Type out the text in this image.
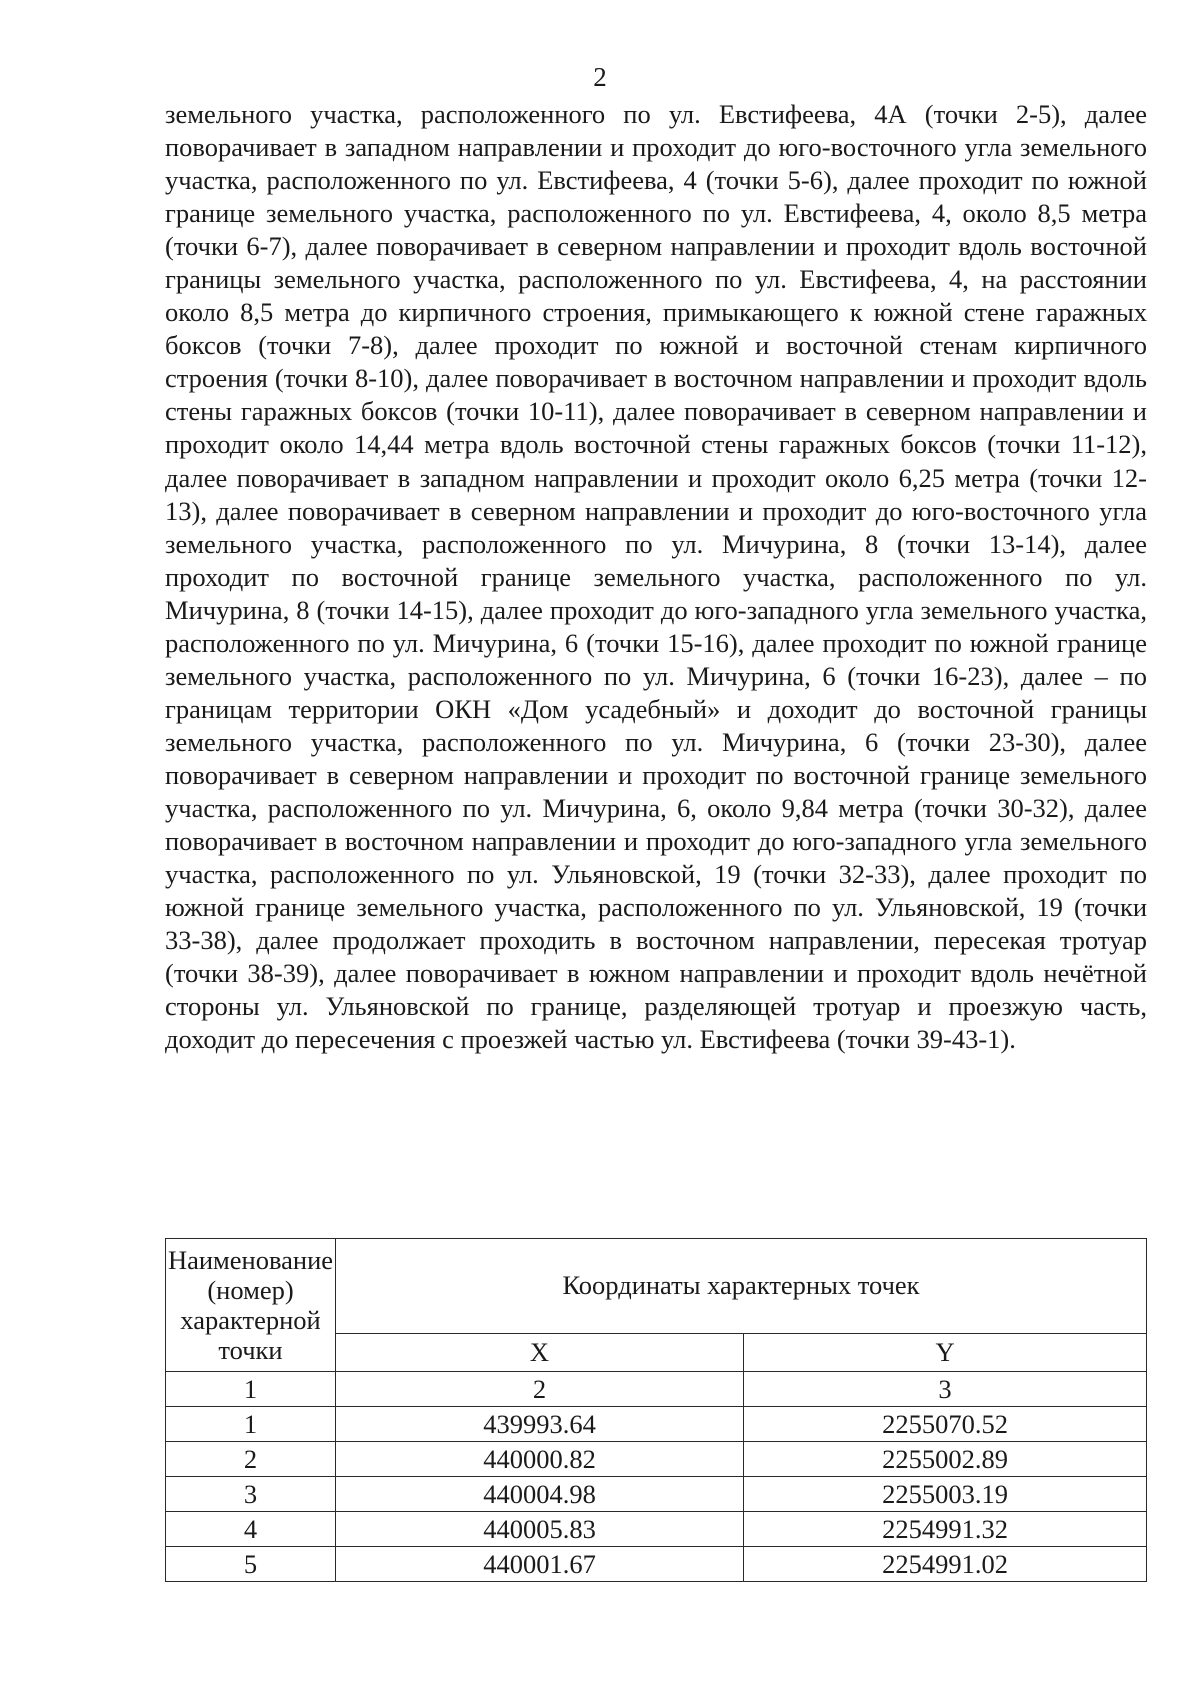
2

земельного участка, расположенного по ул. Евстифеева, 4А (точки 2-5), далее поворачивает в западном направлении и проходит до юго-восточного угла земельного участка, расположенного по ул. Евстифеева, 4 (точки 5-6), далее проходит по южной границе земельного участка, расположенного по ул. Евстифеева, 4, около 8,5 метра (точки 6-7), далее поворачивает в северном направлении и проходит вдоль восточной границы земельного участка, расположенного по ул. Евстифеева, 4, на расстоянии около 8,5 метра до кирпичного строения, примыкающего к южной стене гаражных боксов (точки 7-8), далее проходит по южной и восточной стенам кирпичного строения (точки 8-10), далее поворачивает в восточном направлении и проходит вдоль стены гаражных боксов (точки 10-11), далее поворачивает в северном направлении и проходит около 14,44 метра вдоль восточной стены гаражных боксов (точки 11-12), далее поворачивает в западном направлении и проходит около 6,25 метра (точки 12-13), далее поворачивает в северном направлении и проходит до юго-восточного угла земельного участка, расположенного по ул. Мичурина, 8 (точки 13-14), далее проходит по восточной границе земельного участка, расположенного по ул. Мичурина, 8 (точки 14-15), далее проходит до юго-западного угла земельного участка, расположенного по ул. Мичурина, 6 (точки 15-16), далее проходит по южной границе земельного участка, расположенного по ул. Мичурина, 6 (точки 16-23), далее – по границам территории ОКН «Дом усадебный» и доходит до восточной границы земельного участка, расположенного по ул. Мичурина, 6 (точки 23-30), далее поворачивает в северном направлении и проходит по восточной границе земельного участка, расположенного по ул. Мичурина, 6, около 9,84 метра (точки 30-32), далее поворачивает в восточном направлении и проходит до юго-западного угла земельного участка, расположенного по ул. Ульяновской, 19 (точки 32-33), далее проходит по южной границе земельного участка, расположенного по ул. Ульяновской, 19 (точки 33-38), далее продолжает проходить в восточном направлении, пересекая тротуар (точки 38-39), далее поворачивает в южном направлении и проходит вдоль нечётной стороны ул. Ульяновской по границе, разделяющей тротуар и проезжую часть, доходит до пересечения с проезжей частью ул. Евстифеева (точки 39-43-1).

Наименование
(номер)
характерной
точки	Координаты характерных точек	
	X	Y
1	2	3
1	439993.64	2255070.52
2	440000.82	2255002.89
3	440004.98	2255003.19
4	440005.83	2254991.32
5	440001.67	2254991.02
